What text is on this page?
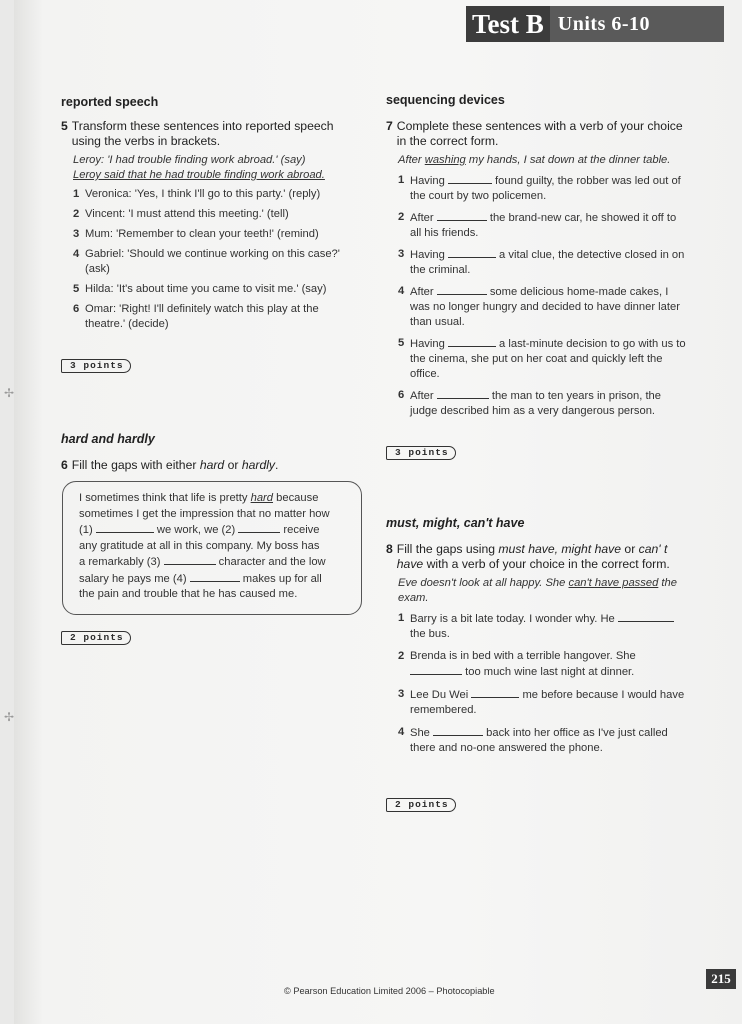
Test B Units 6-10
reported speech
5 Transform these sentences into reported speech using the verbs in brackets.
Leroy: 'I had trouble finding work abroad.' (say)
Leroy said that he had trouble finding work abroad.
1 Veronica: 'Yes, I think I'll go to this party.' (reply)
2 Vincent: 'I must attend this meeting.' (tell)
3 Mum: 'Remember to clean your teeth!' (remind)
4 Gabriel: 'Should we continue working on this case?' (ask)
5 Hilda: 'It's about time you came to visit me.' (say)
6 Omar: 'Right! I'll definitely watch this play at the theatre.' (decide)
3 points
hard and hardly
6 Fill the gaps with either hard or hardly.
I sometimes think that life is pretty hard because
sometimes I get the impression that no matter how
(1)	we work, we (2)	receive
any gratitude at all in this company. My boss has
a remarkably (3)	character and the low
salary he pays me (4)	makes up for all
the pain and trouble that he has caused me.
2 points
sequencing devices
7 Complete these sentences with a verb of your choice in the correct form.
After washing my hands, I sat down at the dinner table.
1 Having	found guilty, the robber was led out of the court by two policemen.
2 After	the brand-new car, he showed it off to all his friends.
3 Having	a vital clue, the detective closed in on the criminal.
4 After	some delicious home-made cakes, I was no longer hungry and decided to have dinner later than usual.
5 Having	a last-minute decision to go with us to the cinema, she put on her coat and quickly left the office.
6 After	the man to ten years in prison, the judge described him as a very dangerous person.
3 points
must, might, can't have
8 Fill the gaps using must have, might have or can' t have with a verb of your choice in the correct form.
Eve doesn't look at all happy. She can't have passed the exam.
1 Barry is a bit late today. I wonder why. He  the bus.
2 Brenda is in bed with a terrible hangover. She  too much wine last night at dinner.
3 Lee Du Wei	me before because I would have remembered.
4 She	back into her office as I've just called there and no-one answered the phone.
2 points
© Pearson Education Limited 2006 – Photocopiable
215
✢
✢
